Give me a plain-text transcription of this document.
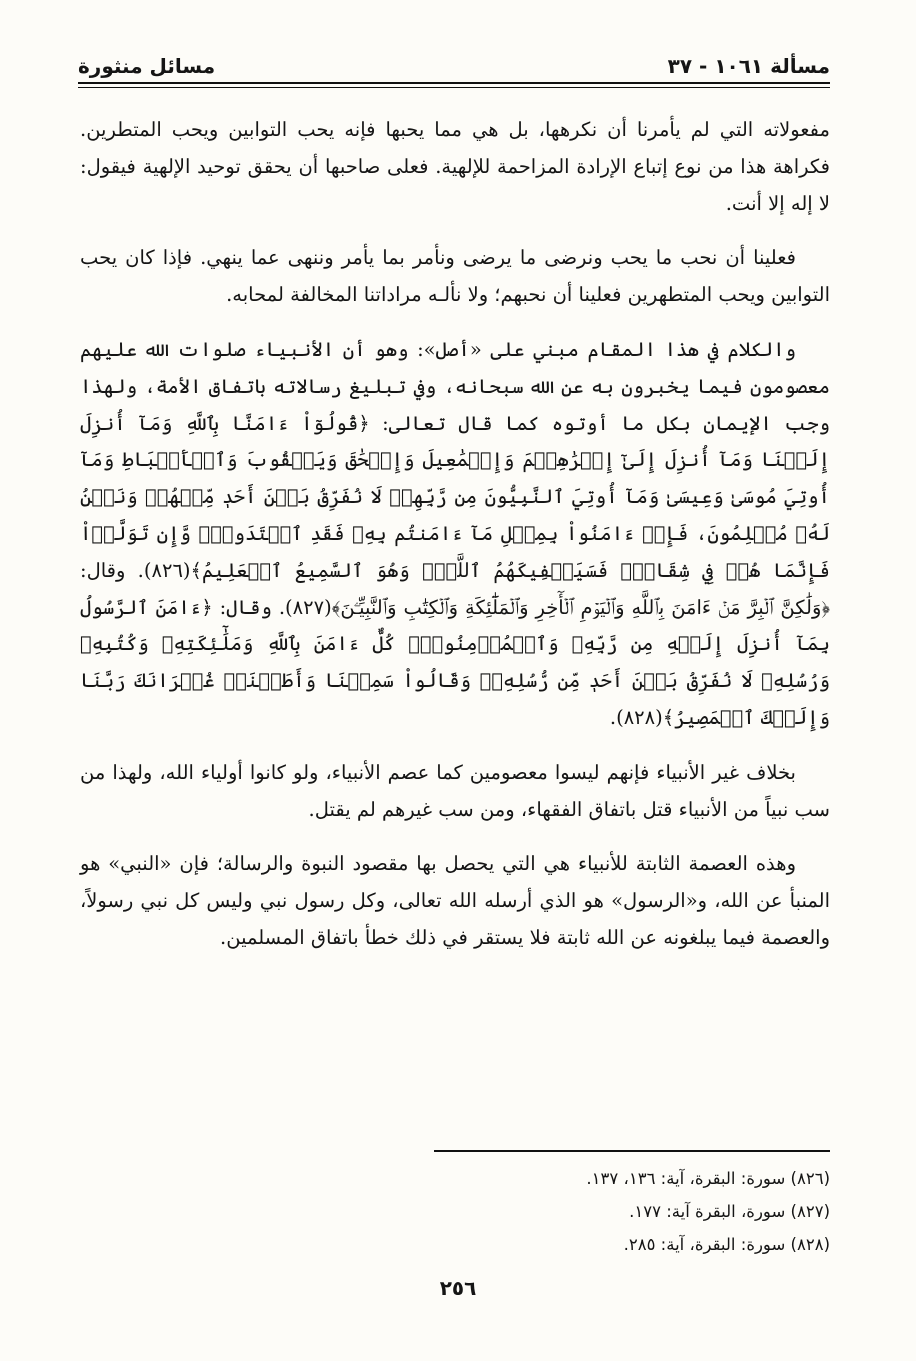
مسألة ١٠٦١ - ٣٧
مسائل منثورة

مفعولاته التي لم يأمرنا أن نكرهها، بل هي مما يحبها فإنه يحب التوابين ويحب المتطرين. فكراهة هذا من نوع إتباع الإرادة المزاحمة للإلهية. فعلى صاحبها أن يحقق توحيد الإلهية فيقول: لا إله إلا أنت.

فعلينا أن نحب ما يحب ونرضى ما يرضى ونأمر بما يأمر وننهى عما ينهي. فإذا كان يحب التوابين ويحب المتطهرين فعلينا أن نحبهم؛ ولا نألـه مراداتنا المخالفة لمحابه.

والكلام في هذا المقام مبني على «أصل»: وهو أن الأنبياء صلوات الله عليهم معصومون فيما يخبرون به عن الله سبحانه، وفي تبليغ رسالاته باتفاق الأمة، ولهذا وجب الإيمان بكل ما أوتوه كما قال تعالى: ﴿قُولُوٓاْ ءَامَنَّا بِٱللَّهِ وَمَآ أُنزِلَ إِلَيۡنَا وَمَآ أُنزِلَ إِلَىٰٓ إِبۡرَٰهِـۧمَ وَإِسۡمَٰعِيلَ وَإِسۡحَٰقَ وَيَعۡقُوبَ وَٱلۡأَسۡبَاطِ وَمَآ أُوتِيَ مُوسَىٰ وَعِيسَىٰ وَمَآ أُوتِيَ ٱلنَّبِيُّونَ مِن رَّبِّهِمۡ لَا نُفَرِّقُ بَيۡنَ أَحَدٖ مِّنۡهُمۡ وَنَحۡنُ لَهُۥ مُسۡلِمُونَ، فَإِنۡ ءَامَنُواْ بِمِثۡلِ مَآ ءَامَنتُم بِهِۦ فَقَدِ ٱهۡتَدَواْۖ وَّإِن تَوَلَّوۡاْ فَإِنَّمَا هُمۡ فِي شِقَاقٖۖ فَسَيَكۡفِيكَهُمُ ٱللَّهُۚ وَهُوَ ٱلسَّمِيعُ ٱلۡعَلِيمُ﴾(٨٢٦). وقال: ﴿وَلَٰكِنَّ ٱلۡبِرَّ مَنۡ ءَامَنَ بِٱللَّهِ وَٱلۡيَوۡمِ ٱلۡأٓخِرِ وَٱلۡمَلَٰٓئِكَةِ وَٱلۡكِتَٰبِ وَٱلنَّبِيِّـۧنَ﴾(٨٢٧). وقال: ﴿ءَامَنَ ٱلرَّسُولُ بِمَآ أُنزِلَ إِلَيۡهِ مِن رَّبِّهِۦ وَٱلۡمُؤۡمِنُونَۚ كُلٌّ ءَامَنَ بِٱللَّهِ وَمَلَٰٓئِكَتِهِۦ وَكُتُبِهِۦ وَرُسُلِهِۦ لَا نُفَرِّقُ بَيۡنَ أَحَدٖ مِّن رُّسُلِهِۦۚ وَقَالُواْ سَمِعۡنَا وَأَطَعۡنَاۖ غُفۡرَانَكَ رَبَّنَا وَإِلَيۡكَ ٱلۡمَصِيرُ﴾(٨٢٨).

بخلاف غير الأنبياء فإنهم ليسوا معصومين كما عصم الأنبياء، ولو كانوا أولياء الله، ولهذا من سب نبياً من الأنبياء قتل باتفاق الفقهاء، ومن سب غيرهم لم يقتل.

وهذه العصمة الثابتة للأنبياء هي التي يحصل بها مقصود النبوة والرسالة؛ فإن «النبي» هو المنبأ عن الله، و«الرسول» هو الذي أرسله الله تعالى، وكل رسول نبي وليس كل نبي رسولاً، والعصمة فيما يبلغونه عن الله ثابتة فلا يستقر في ذلك خطأ باتفاق المسلمين.

(٨٢٦) سورة: البقرة، آية: ١٣٦، ١٣٧.
(٨٢٧) سورة، البقرة آية: ١٧٧.
(٨٢٨) سورة: البقرة، آية: ٢٨٥.
٢٥٦
